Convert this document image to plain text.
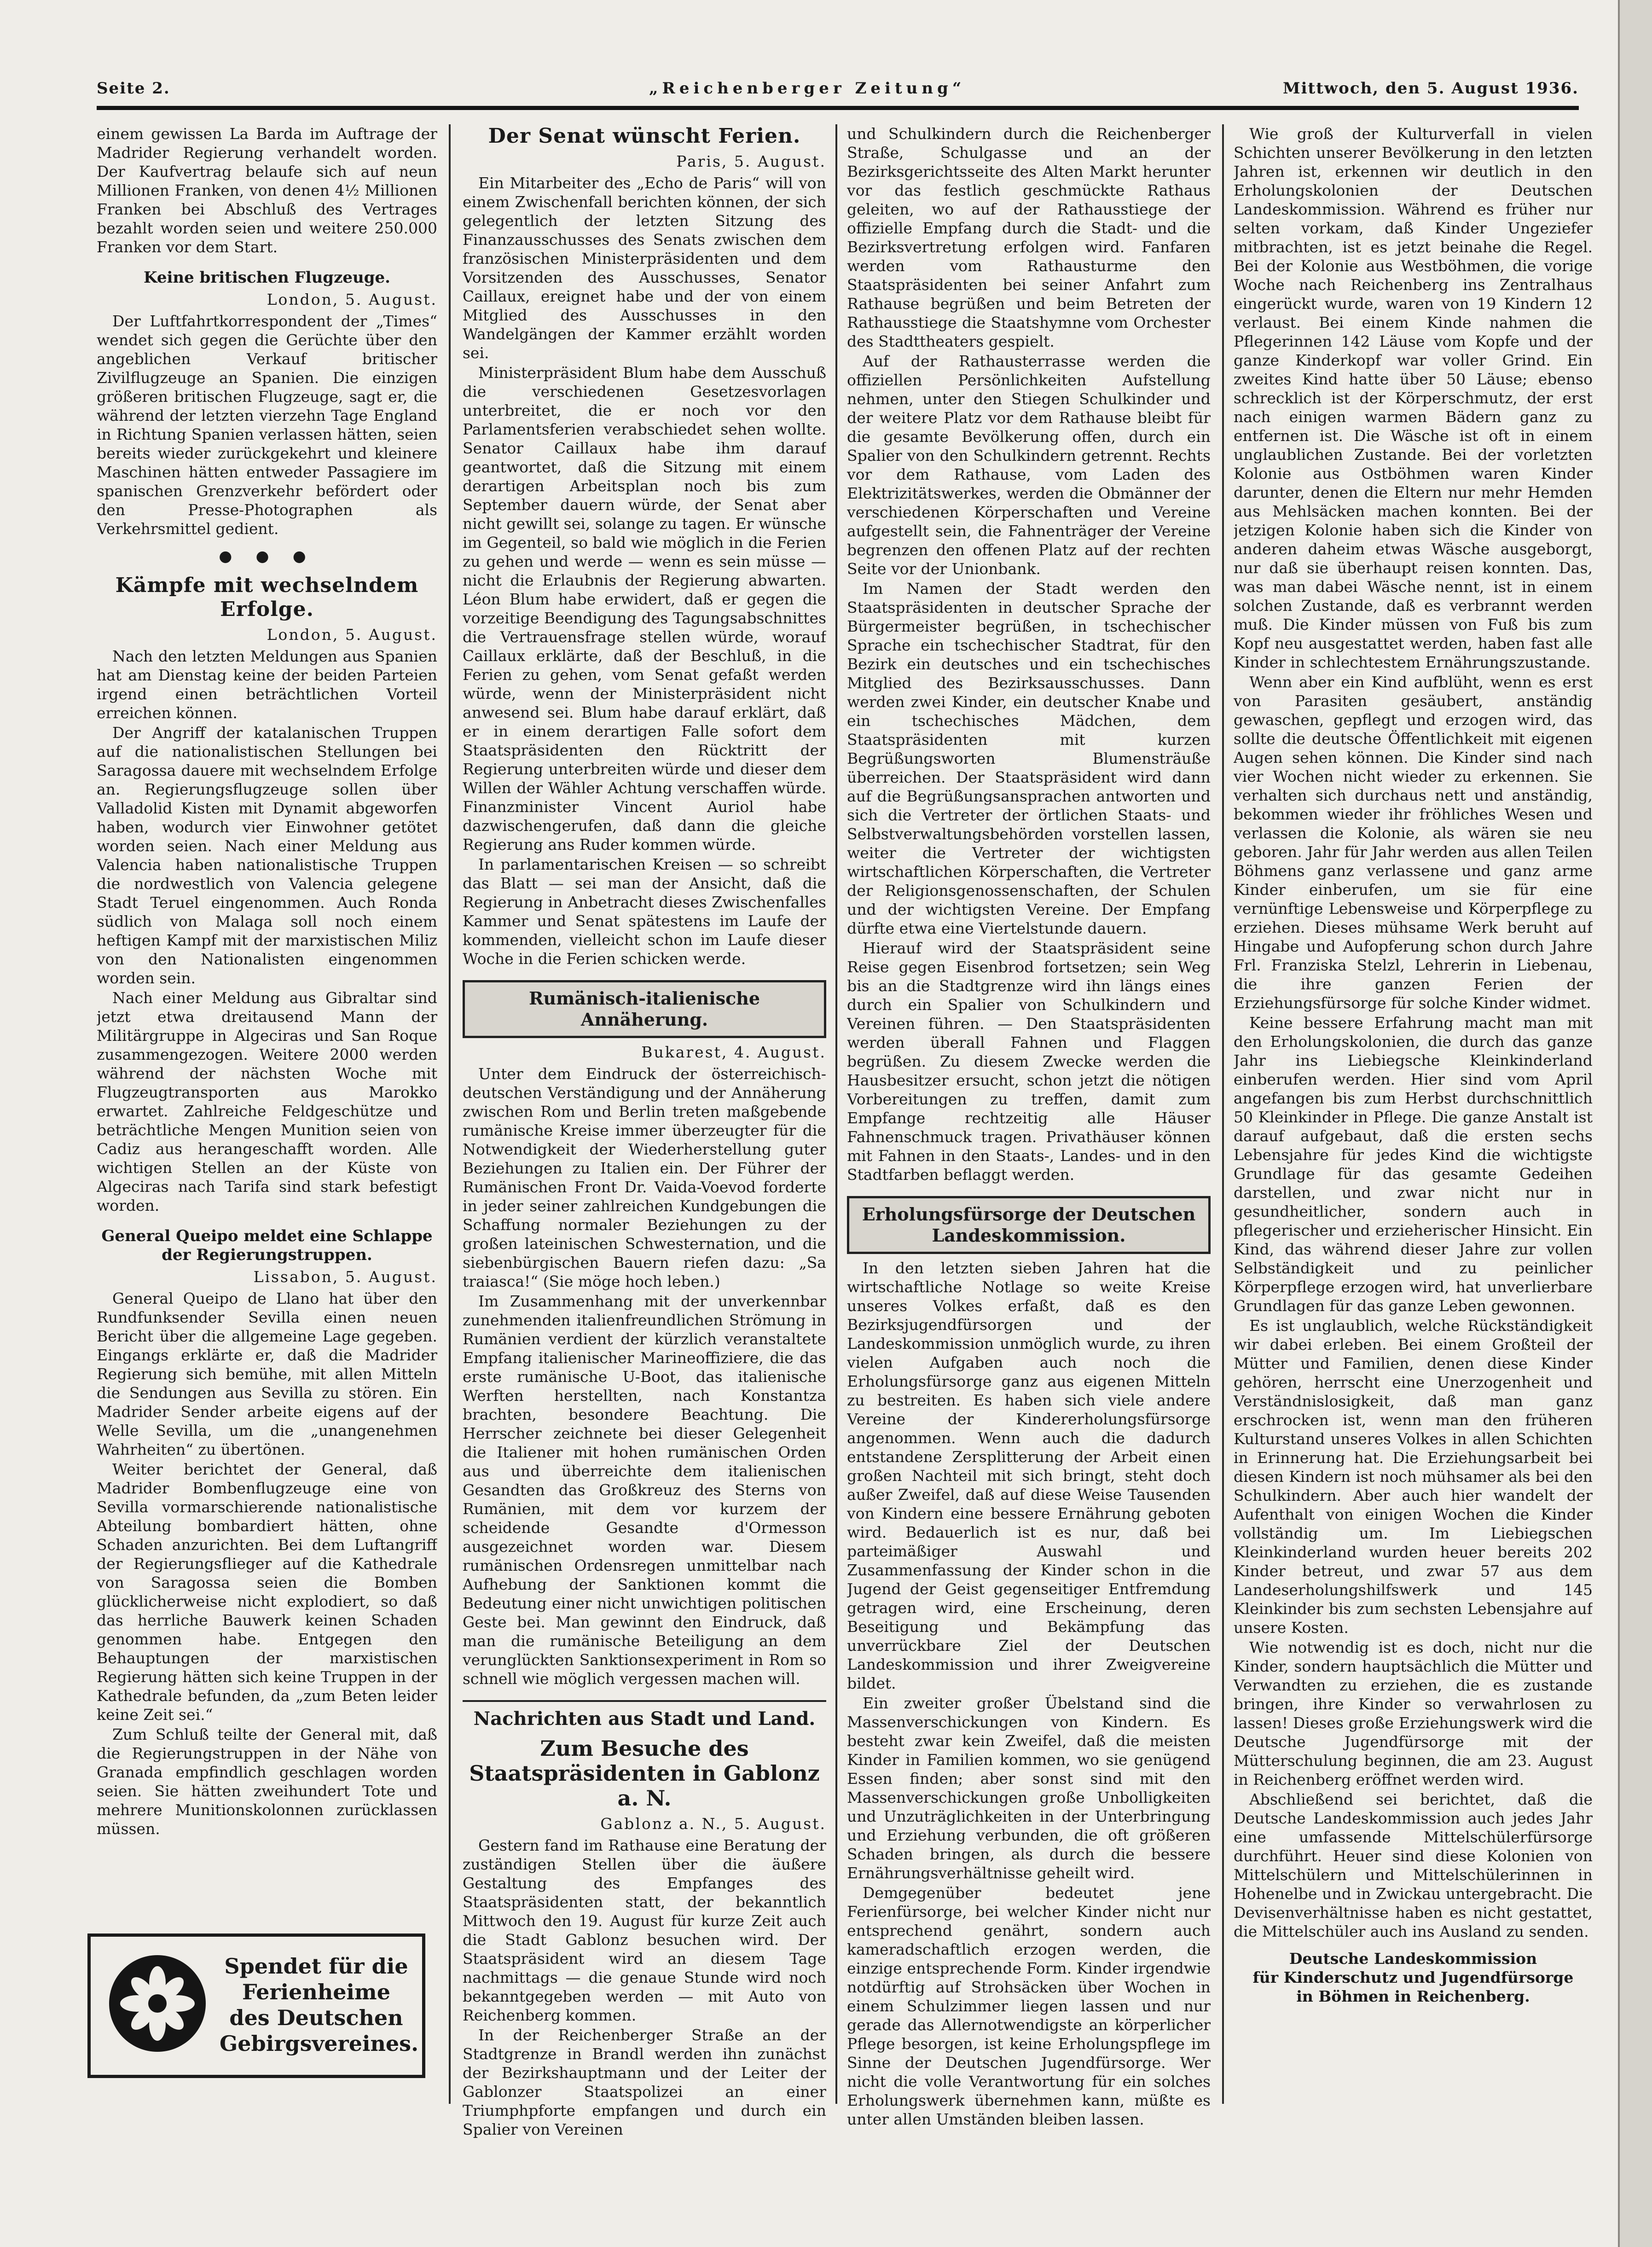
Seite 2.	„Reichenberger Zeitung“	Mittwoch, den 5. August 1936.

einem gewissen La Barda im Auftrage der Madrider Regierung verhandelt worden. Der Kaufvertrag belaufe sich auf neun Millionen Franken, von denen 4½ Millionen Franken bei Abschluß des Vertrages bezahlt worden seien und weitere 250.000 Franken vor dem Start.

Keine britischen Flugzeuge.
London, 5. August.

Der Luftfahrtkorrespondent der „Times“ wendet sich gegen die Gerüchte über den angeblichen Verkauf britischer Zivilflugzeuge an Spanien. Die einzigen größeren britischen Flugzeuge, sagt er, die während der letzten vierzehn Tage England in Richtung Spanien verlassen hätten, seien bereits wieder zurückgekehrt und kleinere Maschinen hätten entweder Passagiere im spanischen Grenzverkehr befördert oder den Presse-Photographen als Verkehrsmittel gedient.

● ● ●
Kämpfe mit wechselndem Erfolge.
London, 5. August.

Nach den letzten Meldungen aus Spanien hat am Dienstag keine der beiden Parteien irgend einen beträchtlichen Vorteil erreichen können.

Der Angriff der katalanischen Truppen auf die nationalistischen Stellungen bei Saragossa dauere mit wechselndem Erfolge an. Regierungsflugzeuge sollen über Valladolid Kisten mit Dynamit abgeworfen haben, wodurch vier Einwohner getötet worden seien. Nach einer Meldung aus Valencia haben nationalistische Truppen die nordwestlich von Valencia gelegene Stadt Teruel eingenommen. Auch Ronda südlich von Malaga soll noch einem heftigen Kampf mit der marxistischen Miliz von den Nationalisten eingenommen worden sein.

Nach einer Meldung aus Gibraltar sind jetzt etwa dreitausend Mann der Militärgruppe in Algeciras und San Roque zusammengezogen. Weitere 2000 werden während der nächsten Woche mit Flugzeugtransporten aus Marokko erwartet. Zahlreiche Feldgeschütze und beträchtliche Mengen Munition seien von Cadiz aus herangeschafft worden. Alle wichtigen Stellen an der Küste von Algeciras nach Tarifa sind stark befestigt worden.

General Queipo meldet eine Schlappe der Regierungstruppen.
Lissabon, 5. August.

General Queipo de Llano hat über den Rundfunksender Sevilla einen neuen Bericht über die allgemeine Lage gegeben. Eingangs erklärte er, daß die Madrider Regierung sich bemühe, mit allen Mitteln die Sendungen aus Sevilla zu stören. Ein Madrider Sender arbeite eigens auf der Welle Sevilla, um die „unangenehmen Wahrheiten“ zu übertönen.

Weiter berichtet der General, daß Madrider Bombenflugzeuge eine von Sevilla vormarschierende nationalistische Abteilung bombardiert hätten, ohne Schaden anzurichten. Bei dem Luftangriff der Regierungsflieger auf die Kathedrale von Saragossa seien die Bomben glücklicherweise nicht explodiert, so daß das herrliche Bauwerk keinen Schaden genommen habe. Entgegen den Behauptungen der marxistischen Regierung hätten sich keine Truppen in der Kathedrale befunden, da „zum Beten leider keine Zeit sei.“

Zum Schluß teilte der General mit, daß die Regierungstruppen in der Nähe von Granada empfindlich geschlagen worden seien. Sie hätten zweihundert Tote und mehrere Munitionskolonnen zurücklassen müssen.

Spendet für die
Ferienheime
des Deutschen
Gebirgsvereines.
Der Senat wünscht Ferien.
Paris, 5. August.

Ein Mitarbeiter des „Echo de Paris“ will von einem Zwischenfall berichten können, der sich gelegentlich der letzten Sitzung des Finanzausschusses des Senats zwischen dem französischen Ministerpräsidenten und dem Vorsitzenden des Ausschusses, Senator Caillaux, ereignet habe und der von einem Mitglied des Ausschusses in den Wandelgängen der Kammer erzählt worden sei.

Ministerpräsident Blum habe dem Ausschuß die verschiedenen Gesetzesvorlagen unterbreitet, die er noch vor den Parlamentsferien verabschiedet sehen wollte. Senator Caillaux habe ihm darauf geantwortet, daß die Sitzung mit einem derartigen Arbeitsplan noch bis zum September dauern würde, der Senat aber nicht gewillt sei, solange zu tagen. Er wünsche im Gegenteil, so bald wie möglich in die Ferien zu gehen und werde — wenn es sein müsse — nicht die Erlaubnis der Regierung abwarten. Léon Blum habe erwidert, daß er gegen die vorzeitige Beendigung des Tagungsabschnittes die Vertrauensfrage stellen würde, worauf Caillaux erklärte, daß der Beschluß, in die Ferien zu gehen, vom Senat gefaßt werden würde, wenn der Ministerpräsident nicht anwesend sei. Blum habe darauf erklärt, daß er in einem derartigen Falle sofort dem Staatspräsidenten den Rücktritt der Regierung unterbreiten würde und dieser dem Willen der Wähler Achtung verschaffen würde. Finanzminister Vincent Auriol habe dazwischengerufen, daß dann die gleiche Regierung ans Ruder kommen würde.

In parlamentarischen Kreisen — so schreibt das Blatt — sei man der Ansicht, daß die Regierung in Anbetracht dieses Zwischenfalles Kammer und Senat spätestens im Laufe der kommenden, vielleicht schon im Laufe dieser Woche in die Ferien schicken werde.

Rumänisch-italienische Annäherung.
Bukarest, 4. August.

Unter dem Eindruck der österreichisch-deutschen Verständigung und der Annäherung zwischen Rom und Berlin treten maßgebende rumänische Kreise immer überzeugter für die Notwendigkeit der Wiederherstellung guter Beziehungen zu Italien ein. Der Führer der Rumänischen Front Dr. Vaida-Voevod forderte in jeder seiner zahlreichen Kundgebungen die Schaffung normaler Beziehungen zu der großen lateinischen Schwesternation, und die siebenbürgischen Bauern riefen dazu: „Sa traiasca!“ (Sie möge hoch leben.)

Im Zusammenhang mit der unverkennbar zunehmenden italienfreundlichen Strömung in Rumänien verdient der kürzlich veranstaltete Empfang italienischer Marineoffiziere, die das erste rumänische U-Boot, das italienische Werften herstellten, nach Konstantza brachten, besondere Beachtung. Die Herrscher zeichnete bei dieser Gelegenheit die Italiener mit hohen rumänischen Orden aus und überreichte dem italienischen Gesandten das Großkreuz des Sterns von Rumänien, mit dem vor kurzem der scheidende Gesandte d'Ormesson ausgezeichnet worden war. Diesem rumänischen Ordensregen unmittelbar nach Aufhebung der Sanktionen kommt die Bedeutung einer nicht unwichtigen politischen Geste bei. Man gewinnt den Eindruck, daß man die rumänische Beteiligung an dem verunglückten Sanktionsexperiment in Rom so schnell wie möglich vergessen machen will.

Nachrichten aus Stadt und Land.
Zum Besuche des Staatspräsidenten in Gablonz a. N.
Gablonz a. N., 5. August.

Gestern fand im Rathause eine Beratung der zuständigen Stellen über die äußere Gestaltung des Empfanges des Staatspräsidenten statt, der bekanntlich Mittwoch den 19. August für kurze Zeit auch die Stadt Gablonz besuchen wird. Der Staatspräsident wird an diesem Tage nachmittags — die genaue Stunde wird noch bekanntgegeben werden — mit Auto von Reichenberg kommen.

In der Reichenberger Straße an der Stadtgrenze in Brandl werden ihn zunächst der Bezirkshauptmann und der Leiter der Gablonzer Staatspolizei an einer Triumphpforte empfangen und durch ein Spalier von Vereinen

und Schulkindern durch die Reichenberger Straße, Schulgasse und an der Bezirksgerichtsseite des Alten Markt herunter vor das festlich geschmückte Rathaus geleiten, wo auf der Rathausstiege der offizielle Empfang durch die Stadt- und die Bezirksvertretung erfolgen wird. Fanfaren werden vom Rathausturme den Staatspräsidenten bei seiner Anfahrt zum Rathause begrüßen und beim Betreten der Rathausstiege die Staatshymne vom Orchester des Stadttheaters gespielt.

Auf der Rathausterrasse werden die offiziellen Persönlichkeiten Aufstellung nehmen, unter den Stiegen Schulkinder und der weitere Platz vor dem Rathause bleibt für die gesamte Bevölkerung offen, durch ein Spalier von den Schulkindern getrennt. Rechts vor dem Rathause, vom Laden des Elektrizitätswerkes, werden die Obmänner der verschiedenen Körperschaften und Vereine aufgestellt sein, die Fahnenträger der Vereine begrenzen den offenen Platz auf der rechten Seite vor der Unionbank.

Im Namen der Stadt werden den Staatspräsidenten in deutscher Sprache der Bürgermeister begrüßen, in tschechischer Sprache ein tschechischer Stadtrat, für den Bezirk ein deutsches und ein tschechisches Mitglied des Bezirksausschusses. Dann werden zwei Kinder, ein deutscher Knabe und ein tschechisches Mädchen, dem Staatspräsidenten mit kurzen Begrüßungsworten Blumensträuße überreichen. Der Staatspräsident wird dann auf die Begrüßungsansprachen antworten und sich die Vertreter der örtlichen Staats- und Selbstverwaltungsbehörden vorstellen lassen, weiter die Vertreter der wichtigsten wirtschaftlichen Körperschaften, die Vertreter der Religionsgenossenschaften, der Schulen und der wichtigsten Vereine. Der Empfang dürfte etwa eine Viertelstunde dauern.

Hierauf wird der Staatspräsident seine Reise gegen Eisenbrod fortsetzen; sein Weg bis an die Stadtgrenze wird ihn längs eines durch ein Spalier von Schulkindern und Vereinen führen. — Den Staatspräsidenten werden überall Fahnen und Flaggen begrüßen. Zu diesem Zwecke werden die Hausbesitzer ersucht, schon jetzt die nötigen Vorbereitungen zu treffen, damit zum Empfange rechtzeitig alle Häuser Fahnenschmuck tragen. Privathäuser können mit Fahnen in den Staats-, Landes- und in den Stadtfarben beflaggt werden.

Erholungsfürsorge der Deutschen Landeskommission.

In den letzten sieben Jahren hat die wirtschaftliche Notlage so weite Kreise unseres Volkes erfaßt, daß es den Bezirksjugendfürsorgen und der Landeskommission unmöglich wurde, zu ihren vielen Aufgaben auch noch die Erholungsfürsorge ganz aus eigenen Mitteln zu bestreiten. Es haben sich viele andere Vereine der Kindererholungsfürsorge angenommen. Wenn auch die dadurch entstandene Zersplitterung der Arbeit einen großen Nachteil mit sich bringt, steht doch außer Zweifel, daß auf diese Weise Tausenden von Kindern eine bessere Ernährung geboten wird. Bedauerlich ist es nur, daß bei parteimäßiger Auswahl und Zusammenfassung der Kinder schon in die Jugend der Geist gegenseitiger Entfremdung getragen wird, eine Erscheinung, deren Beseitigung und Bekämpfung das unverrückbare Ziel der Deutschen Landeskommission und ihrer Zweigvereine bildet.

Ein zweiter großer Übelstand sind die Massenverschickungen von Kindern. Es besteht zwar kein Zweifel, daß die meisten Kinder in Familien kommen, wo sie genügend Essen finden; aber sonst sind mit den Massenverschickungen große Unbolligkeiten und Unzuträglichkeiten in der Unterbringung und Erziehung verbunden, die oft größeren Schaden bringen, als durch die bessere Ernährungsverhältnisse geheilt wird.

Demgegenüber bedeutet jene Ferienfürsorge, bei welcher Kinder nicht nur entsprechend genährt, sondern auch kameradschaftlich erzogen werden, die einzige entsprechende Form. Kinder irgendwie notdürftig auf Strohsäcken über Wochen in einem Schulzimmer liegen lassen und nur gerade das Allernotwendigste an körperlicher Pflege besorgen, ist keine Erholungspflege im Sinne der Deutschen Jugendfürsorge. Wer nicht die volle Verantwortung für ein solches Erholungswerk übernehmen kann, müßte es unter allen Umständen bleiben lassen.

Wie groß der Kulturverfall in vielen Schichten unserer Bevölkerung in den letzten Jahren ist, erkennen wir deutlich in den Erholungskolonien der Deutschen Landeskommission. Während es früher nur selten vorkam, daß Kinder Ungeziefer mitbrachten, ist es jetzt beinahe die Regel. Bei der Kolonie aus Westböhmen, die vorige Woche nach Reichenberg ins Zentralhaus eingerückt wurde, waren von 19 Kindern 12 verlaust. Bei einem Kinde nahmen die Pflegerinnen 142 Läuse vom Kopfe und der ganze Kinderkopf war voller Grind. Ein zweites Kind hatte über 50 Läuse; ebenso schrecklich ist der Körperschmutz, der erst nach einigen warmen Bädern ganz zu entfernen ist. Die Wäsche ist oft in einem unglaublichen Zustande. Bei der vorletzten Kolonie aus Ostböhmen waren Kinder darunter, denen die Eltern nur mehr Hemden aus Mehlsäcken machen konnten. Bei der jetzigen Kolonie haben sich die Kinder von anderen daheim etwas Wäsche ausgeborgt, nur daß sie überhaupt reisen konnten. Das, was man dabei Wäsche nennt, ist in einem solchen Zustande, daß es verbrannt werden muß. Die Kinder müssen von Fuß bis zum Kopf neu ausgestattet werden, haben fast alle Kinder in schlechtestem Ernährungszustande.

Wenn aber ein Kind aufblüht, wenn es erst von Parasiten gesäubert, anständig gewaschen, gepflegt und erzogen wird, das sollte die deutsche Öffentlichkeit mit eigenen Augen sehen können. Die Kinder sind nach vier Wochen nicht wieder zu erkennen. Sie verhalten sich durchaus nett und anständig, bekommen wieder ihr fröhliches Wesen und verlassen die Kolonie, als wären sie neu geboren. Jahr für Jahr werden aus allen Teilen Böhmens ganz verlassene und ganz arme Kinder einberufen, um sie für eine vernünftige Lebensweise und Körperpflege zu erziehen. Dieses mühsame Werk beruht auf Hingabe und Aufopferung schon durch Jahre Frl. Franziska Stelzl, Lehrerin in Liebenau, die ihre ganzen Ferien der Erziehungsfürsorge für solche Kinder widmet.

Keine bessere Erfahrung macht man mit den Erholungskolonien, die durch das ganze Jahr ins Liebiegsche Kleinkinderland einberufen werden. Hier sind vom April angefangen bis zum Herbst durchschnittlich 50 Kleinkinder in Pflege. Die ganze Anstalt ist darauf aufgebaut, daß die ersten sechs Lebensjahre für jedes Kind die wichtigste Grundlage für das gesamte Gedeihen darstellen, und zwar nicht nur in gesundheitlicher, sondern auch in pflegerischer und erzieherischer Hinsicht. Ein Kind, das während dieser Jahre zur vollen Selbständigkeit und zu peinlicher Körperpflege erzogen wird, hat unverlierbare Grundlagen für das ganze Leben gewonnen.

Es ist unglaublich, welche Rückständigkeit wir dabei erleben. Bei einem Großteil der Mütter und Familien, denen diese Kinder gehören, herrscht eine Unerzogenheit und Verständnislosigkeit, daß man ganz erschrocken ist, wenn man den früheren Kulturstand unseres Volkes in allen Schichten in Erinnerung hat. Die Erziehungsarbeit bei diesen Kindern ist noch mühsamer als bei den Schulkindern. Aber auch hier wandelt der Aufenthalt von einigen Wochen die Kinder vollständig um. Im Liebiegschen Kleinkinderland wurden heuer bereits 202 Kinder betreut, und zwar 57 aus dem Landeserholungshilfswerk und 145 Kleinkinder bis zum sechsten Lebensjahre auf unsere Kosten.

Wie notwendig ist es doch, nicht nur die Kinder, sondern hauptsächlich die Mütter und Verwandten zu erziehen, die es zustande bringen, ihre Kinder so verwahrlosen zu lassen! Dieses große Erziehungswerk wird die Deutsche Jugendfürsorge mit der Mütterschulung beginnen, die am 23. August in Reichenberg eröffnet werden wird.

Abschließend sei berichtet, daß die Deutsche Landeskommission auch jedes Jahr eine umfassende Mittelschülerfürsorge durchführt. Heuer sind diese Kolonien von Mittelschülern und Mittelschülerinnen in Hohenelbe und in Zwickau untergebracht. Die Devisenverhältnisse haben es nicht gestattet, die Mittelschüler auch ins Ausland zu senden.

Deutsche Landeskommission
für Kinderschutz und Jugendfürsorge
in Böhmen in Reichenberg.
